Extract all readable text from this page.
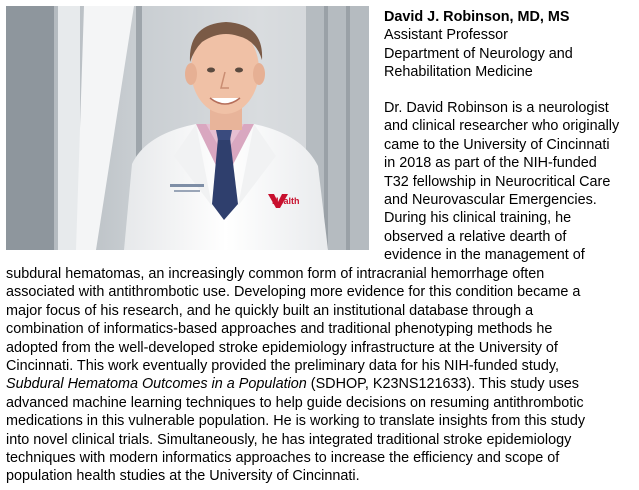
Health
David J. Robinson, MD, MS
Assistant Professor
Department of Neurology and
Rehabilitation Medicine
Dr. David Robinson is a neurologist
and clinical researcher who originally
came to the University of Cincinnati
in 2018 as part of the NIH-funded
T32 fellowship in Neurocritical Care
and Neurovascular Emergencies.
During his clinical training, he
observed a relative dearth of
evidence in the management of
subdural hematomas, an increasingly common form of intracranial hemorrhage often
associated with antithrombotic use. Developing more evidence for this condition became a
major focus of his research, and he quickly built an institutional database through a
combination of informatics-based approaches and traditional phenotyping methods he
adopted from the well-developed stroke epidemiology infrastructure at the University of
Cincinnati. This work eventually provided the preliminary data for his NIH-funded study,
Subdural Hematoma Outcomes in a Population (SDHOP, K23NS121633). This study uses
advanced machine learning techniques to help guide decisions on resuming antithrombotic
medications in this vulnerable population. He is working to translate insights from this study
into novel clinical trials. Simultaneously, he has integrated traditional stroke epidemiology
techniques with modern informatics approaches to increase the efficiency and scope of
population health studies at the University of Cincinnati.
